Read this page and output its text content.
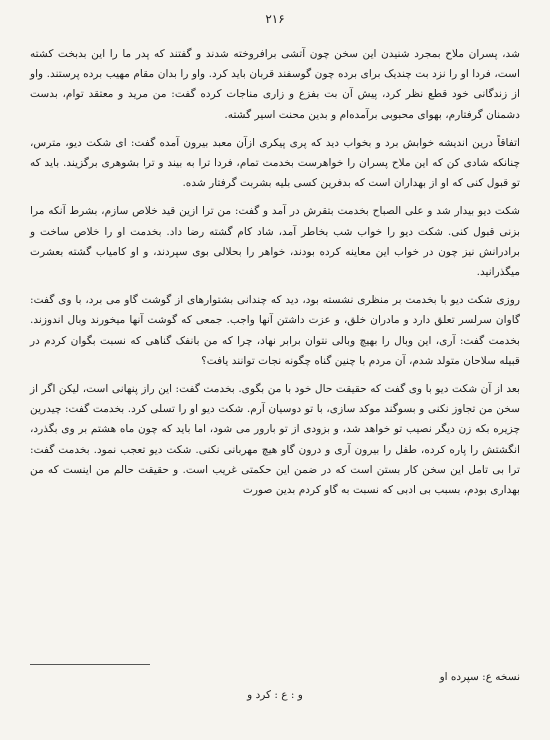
۲۱۶

شد، پسران ملاح بمجرد شنیدن این سخن چون آتشی برافروخته شدند و گفتند که پدر ما را این بدبخت کشته است، فردا او را نزد بت چندیک برای برده چون گوسفند قربان باید کرد. واو را بدان مقام مهیب برده پرستند. واو از زندگانی خود قطع نظر کرد، پیش آن بت بفزع و زاری مناجات کرده گفت: من مرید و معتقد توام، بدست دشمنان گرفتارم، بهوای محبوبی برآمده‌ام و بدین محنت اسیر گشته.

اتفاقاً درین اندیشه خوابش برد و بخواب دید که پری پیکری ازآن معبد بیرون آمده گفت: ای شکت دیو، مترس، چنانکه شادی کن که این ملاح پسران را خواهرست بخدمت تمام، فردا ترا به بیند و ترا بشوهری برگزیند. باید که تو قبول کنی که او از بهداران است که بدفرین کسی بلیه بشربت گرفتار شده.

شکت دیو بیدار شد و علی الصباح بخدمت بتقرش در آمد و گفت: من ترا ازین قید خلاص سازم، بشرط آنکه مرا بزنی قبول کنی. شکت دیو را خواب شب بخاطر آمد، شاد کام گشته رضا داد. بخدمت او را خلاص ساخت و برادرانش نیز چون در خواب این معاینه کرده بودند، خواهر را بحلالی بوی سپردند، و او کامیاب گشته بعشرت میگذرانید.

روزی شکت دیو با بخدمت بر منظری نشسته بود، دید که چندانی بشتوارهای از گوشت گاو می برد، با وی گفت: گاوان سرلسر تعلق دارد و مادران خلق، و عزت داشتن آنها واجب. جمعی که گوشت آنها میخورند وبال اندوزند. بخدمت گفت: آری، این وبال را بهیچ وبالی نتوان برابر نهاد، چرا که من بانفک گناهی که نسبت بگوان کردم در قبیله سلاحان متولد شدم، آن مردم با چنین گناه چگونه نجات توانند یافت؟

بعد از آن شکت دیو با وی گفت که حقیقت حال خود با من بگوی. بخدمت گفت: این راز پنهانی است، لیکن اگر از سخن من تجاوز نکنی و بسوگند موکد سازی، با تو دوسیان آرم. شکت دیو او را تسلی کرد. بخدمت گفت: چیدرین چزیره بکه زن دیگر نصیب تو خواهد شد، و بزودی از تو بارور می شود، اما باید که چون ماه هشتم بر وی بگذرد، انگشتش را پاره کرده، طفل را بیرون آری و درون گاو هیچ مهربانی نکنی. شکت دیو تعجب نمود. بخدمت گفت: ترا بی تامل این سخن کار بستن است که در ضمن این حکمتی غریب است. و حقیقت حالم من اینست که من بهداری بودم، بسبب بی ادبی که نسبت به گاو کردم بدین صورت

نسخه ع: سپرده او
و : ع : کرد و
